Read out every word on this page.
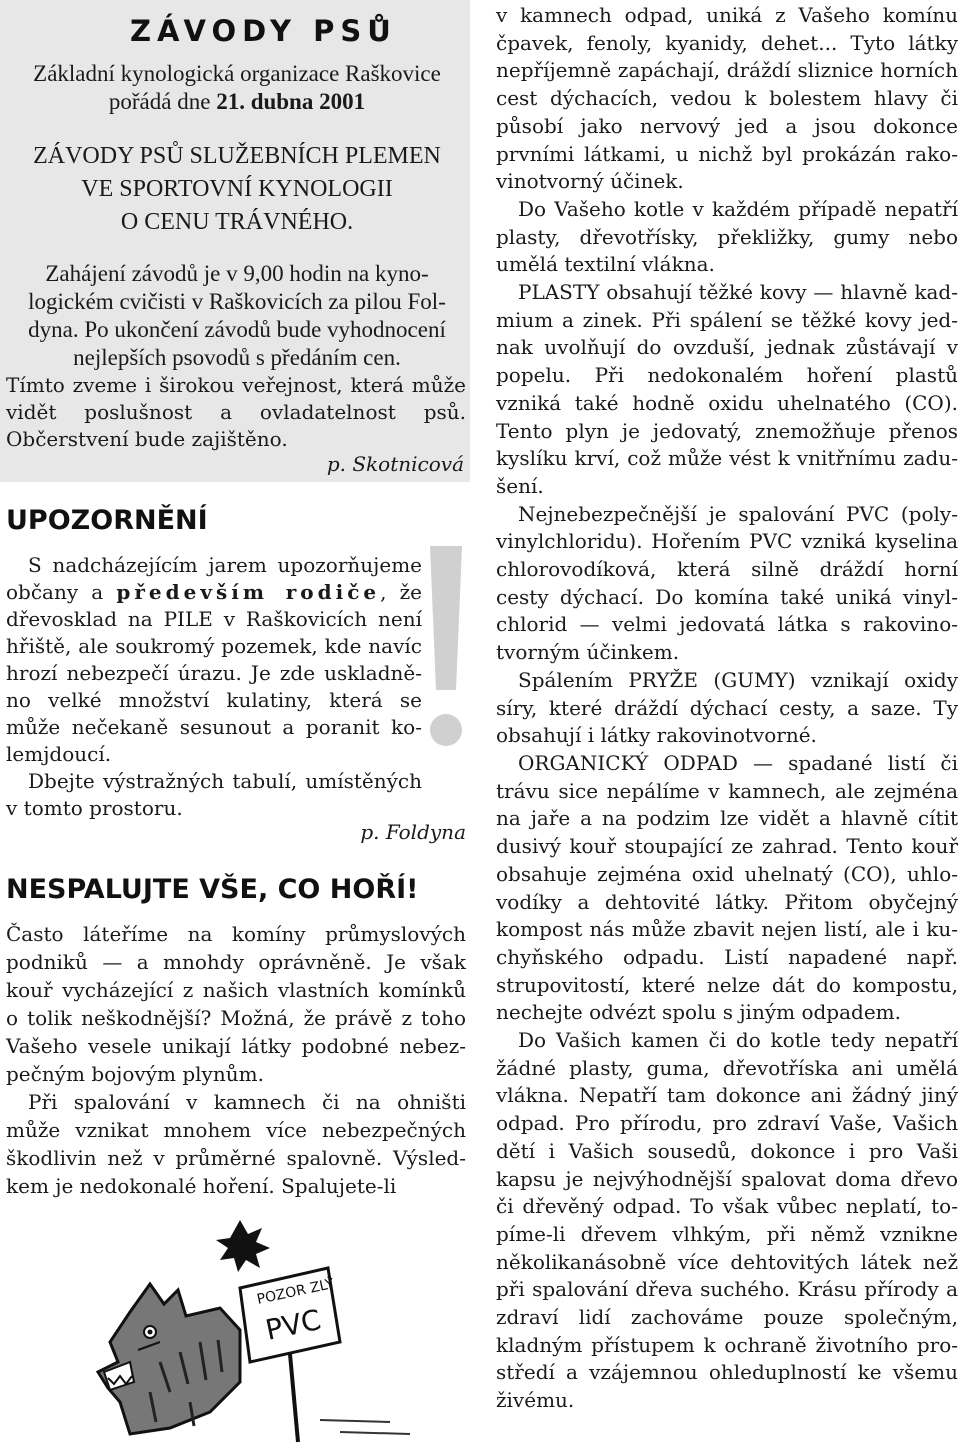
ZÁVODY PSŮ
Základní kynologická organizace Raškovice
pořádá dne 21. dubna 2001
ZÁVODY PSŮ SLUŽEBNÍCH PLEMEN
VE SPORTOVNÍ KYNOLOGII
O CENU TRÁVNÉHO.
Zahájení závodů je v 9,00 hodin na kyno-
logickém cvičisti v Raškovicích za pilou Fol-
dyna. Po ukončení závodů bude vyhodnocení
nejlepších psovodů s předáním cen.
Tímto zveme i širokou veřejnost, která může vidět poslušnost a ovladatelnost psů. Občerstvení bude zajištěno.
p. Skotnicová
UPOZORNĚNÍ

S nadcházejícím jarem upozorňujeme občany a především rodiče, že dřevosklad na PILE v Raškovicích není hřiště, ale soukromý pozemek, kde navíc hrozí nebezpečí úrazu. Je zde uskladněno velké množství kulatiny, která se může nečekaně sesunout a poranit kolemjdoucí.

Dbejte výstražných tabulí, umístěných v tomto prostoru.

p. Foldyna
NESPALUJTE VŠE, CO HOŘÍ!

Často láteříme na komíny průmyslových podniků — a mnohdy oprávněně. Je však kouř vycházející z našich vlastních komínků o tolik neškodnější? Možná, že právě z toho Vašeho vesele unikají látky podobné nebezpečným bojovým plynům.

Při spalování v kamnech či na ohništi může vznikat mnohem více nebezpečných škodlivin než v průměrné spalovně. Výsledkem je nedokonalé hoření. Spalujete-li

POZOR ZLÝ
PVC

v kamnech odpad, uniká z Vašeho komínu čpavek, fenoly, kyanidy, dehet... Tyto látky nepříjemně zapáchají, dráždí sliznice horních cest dýchacích, vedou k bolestem hlavy či působí jako nervový jed a jsou dokonce prvními látkami, u nichž byl prokázán rakovinotvorný účinek.

Do Vašeho kotle v každém případě nepatří plasty, dřevotřísky, překližky, gumy nebo umělá textilní vlákna.

PLASTY obsahují těžké kovy — hlavně kadmium a zinek. Při spálení se těžké kovy jednak uvolňují do ovzduší, jednak zůstávají v popelu. Při nedokonalém hoření plastů vzniká také hodně oxidu uhelnatého (CO). Tento plyn je jedovatý, znemožňuje přenos kyslíku krví, což může vést k vnitřnímu zadušení.

Nejnebezpečnější je spalování PVC (polyvinylchloridu). Hořením PVC vzniká kyselina chlorovodíková, která silně dráždí horní cesty dýchací. Do komína také uniká vinylchlorid — velmi jedovatá látka s rakovinotvorným účinkem.

Spálením PRYŽE (GUMY) vznikají oxidy síry, které dráždí dýchací cesty, a saze. Ty obsahují i látky rakovinotvorné.

ORGANICKÝ ODPAD — spadané listí či trávu sice nepálíme v kamnech, ale zejména na jaře a na podzim lze vidět a hlavně cítit dusivý kouř stoupající ze zahrad. Tento kouř obsahuje zejména oxid uhelnatý (CO), uhlovodíky a dehtovité látky. Přitom obyčejný kompost nás může zbavit nejen listí, ale i kuchyňského odpadu. Listí napadené např. strupovitostí, které nelze dát do kompostu, nechejte odvézt spolu s jiným odpadem.

Do Vašich kamen či do kotle tedy nepatří žádné plasty, guma, dřevotříska ani umělá vlákna. Nepatří tam dokonce ani žádný jiný odpad. Pro přírodu, pro zdraví Vaše, Vašich dětí i Vašich sousedů, dokonce i pro Vaši kapsu je nejvýhodnější spalovat doma dřevo či dřevěný odpad. To však vůbec neplatí, topíme-li dřevem vlhkým, při němž vznikne několikanásobně více dehtovitých látek než při spalování dřeva suchého. Krásu přírody a zdraví lidí zachováme pouze společným, kladným přístupem k ochraně životního prostředí a vzájemnou ohleduplností ke všemu živému.
